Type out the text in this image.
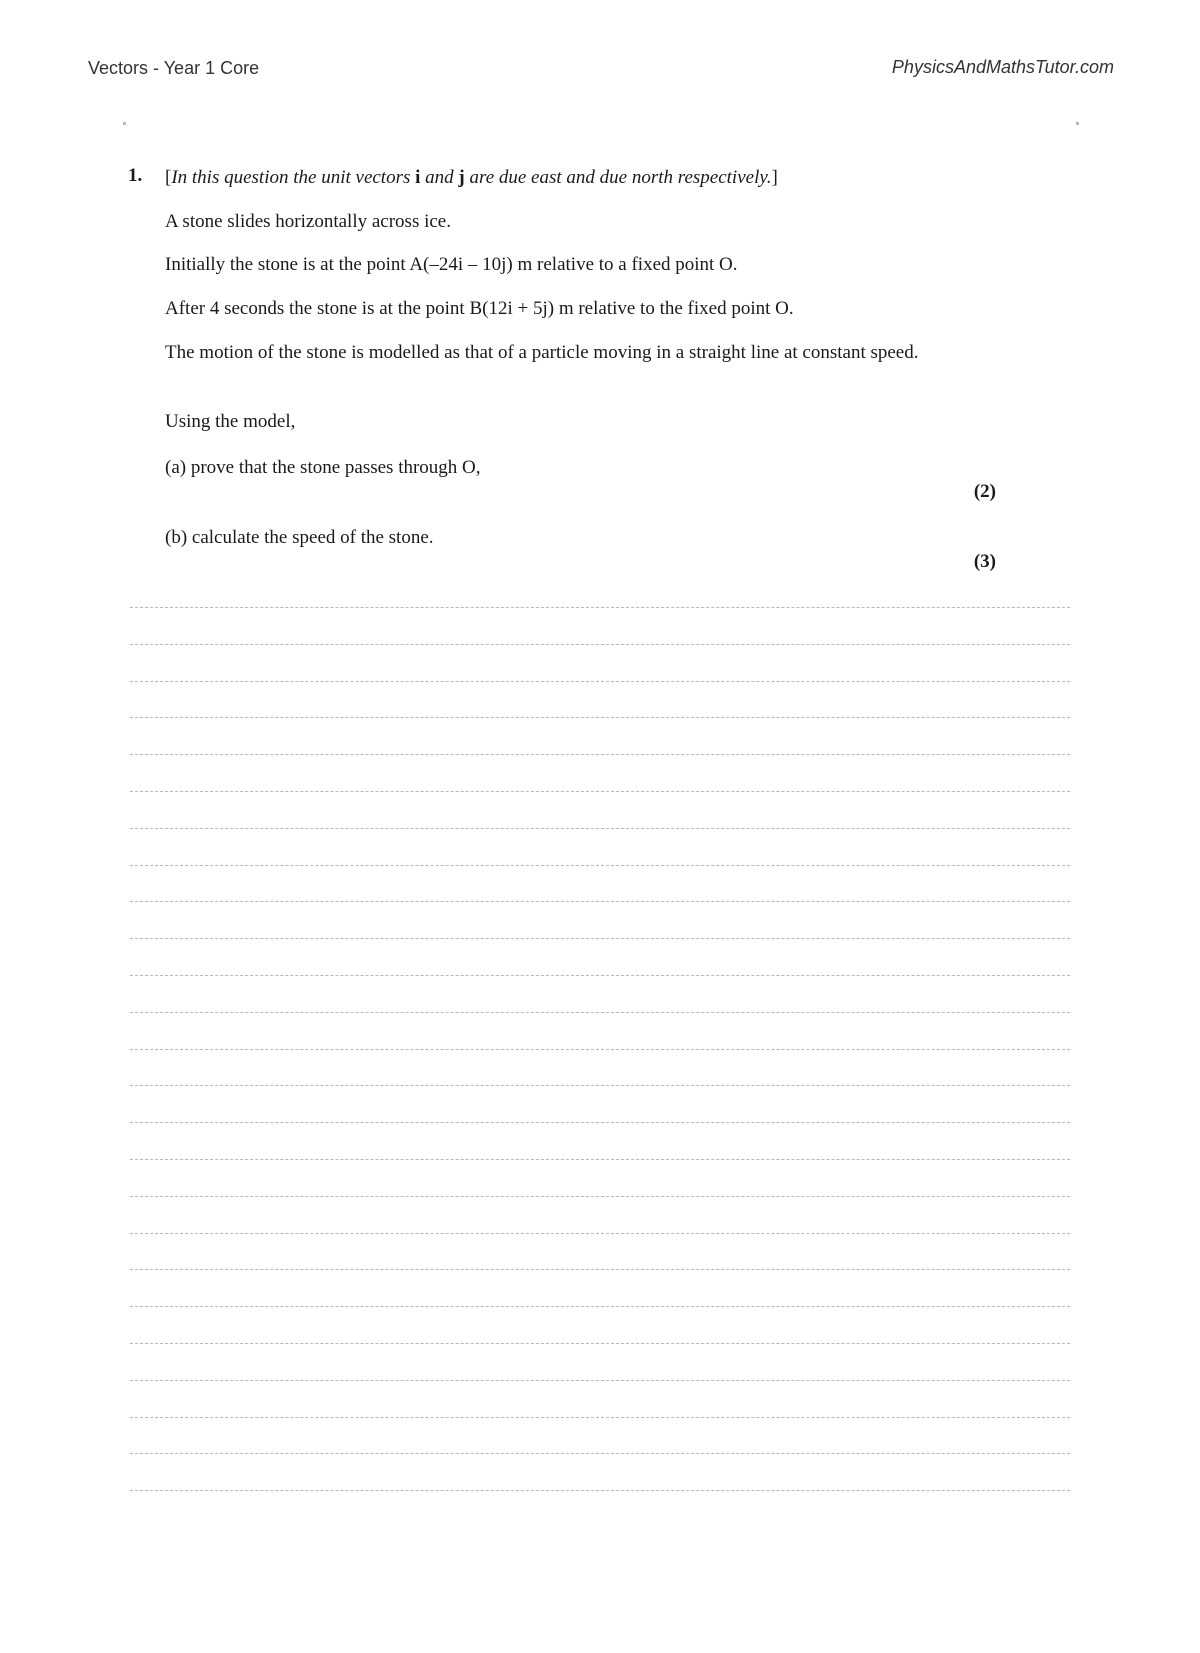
Vectors - Year 1 Core	PhysicsAndMathsTutor.com
1. [In this question the unit vectors i and j are due east and due north respectively.]
A stone slides horizontally across ice.
Initially the stone is at the point A(–24i – 10j) m relative to a fixed point O.
After 4 seconds the stone is at the point B(12i + 5j) m relative to the fixed point O.
The motion of the stone is modelled as that of a particle moving in a straight line at constant speed.
Using the model,
(a) prove that the stone passes through O,
(2)
(b) calculate the speed of the stone.
(3)
